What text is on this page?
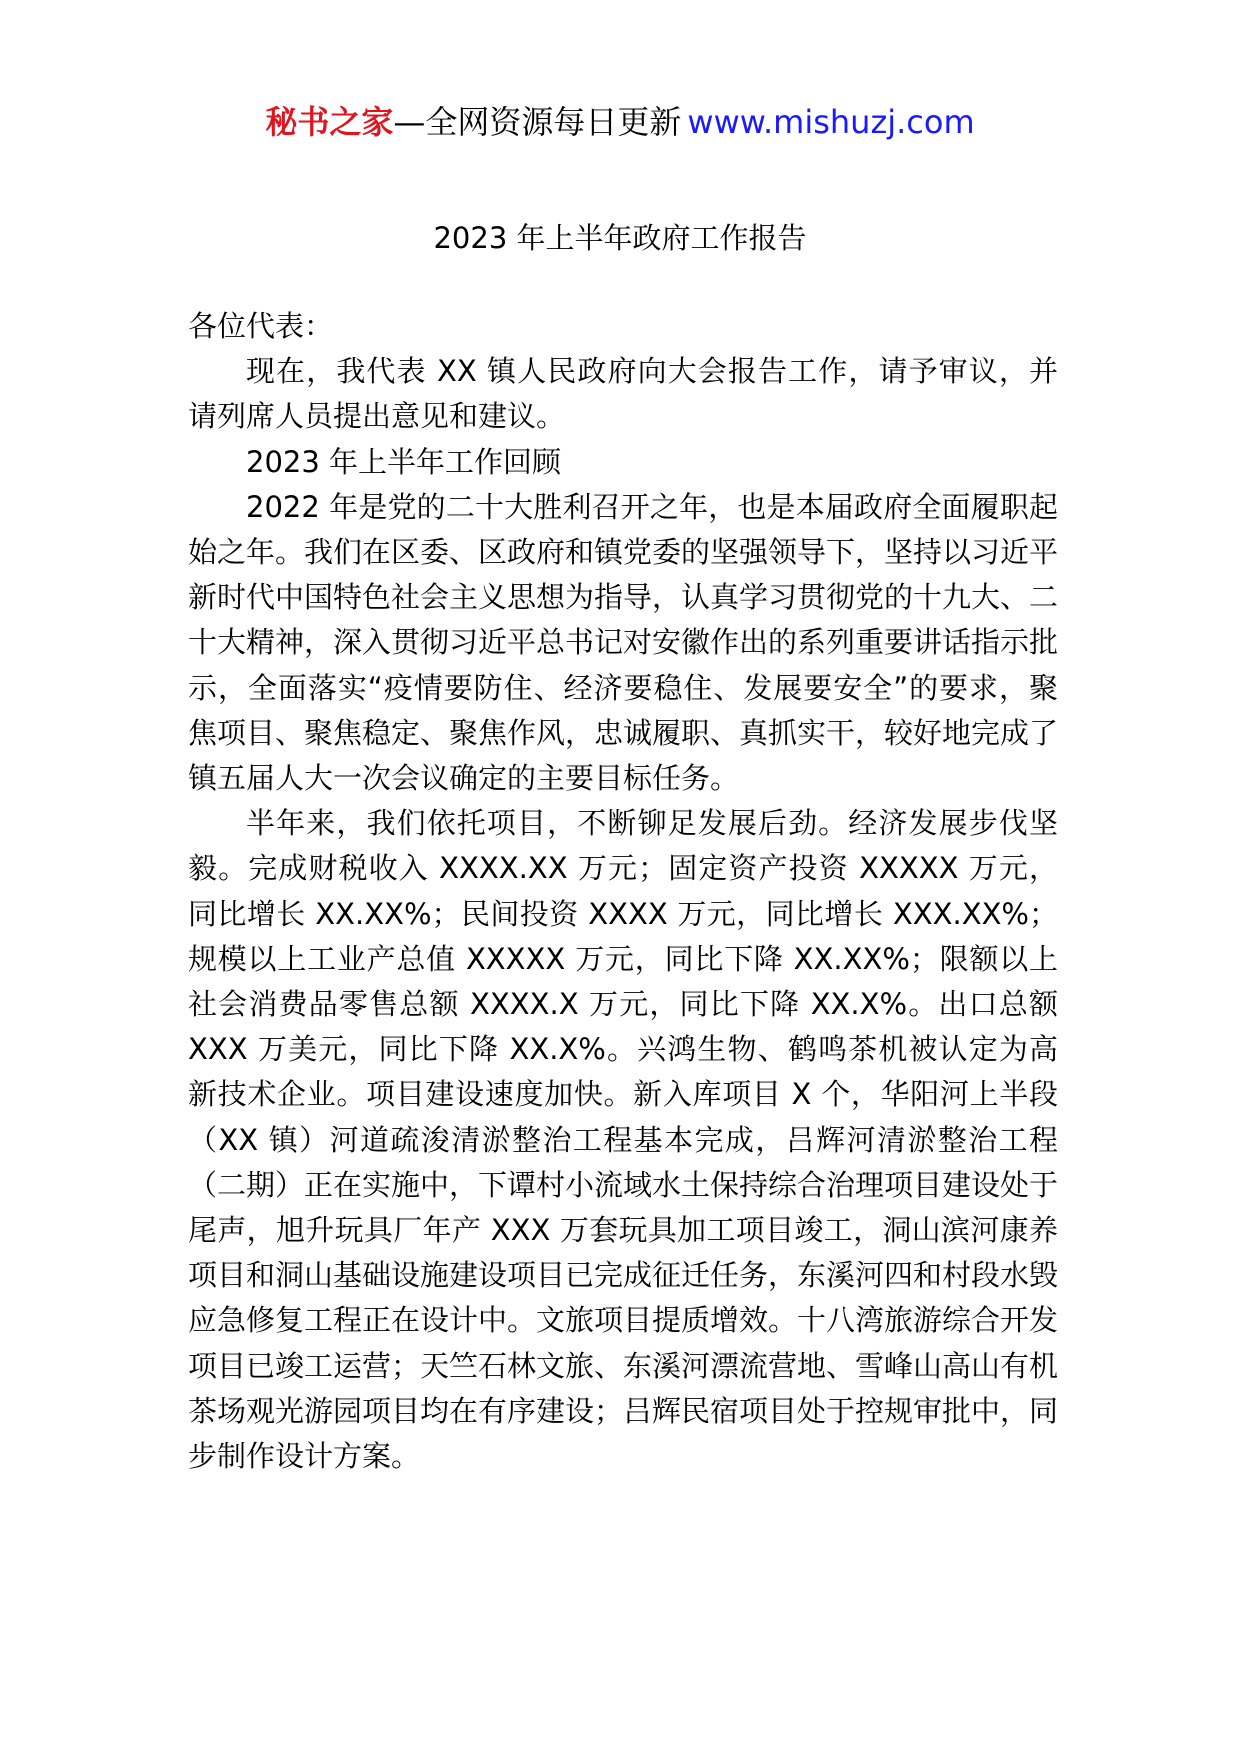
秘书之家—全网资源每日更新 www.mishuzj.com
2023 年上半年政府工作报告

各位代表：

现在，我代表 XX 镇人民政府向大会报告工作，请予审议，并请列席人员提出意见和建议。

2023 年上半年工作回顾

2022 年是党的二十大胜利召开之年，也是本届政府全面履职起始之年。我们在区委、区政府和镇党委的坚强领导下，坚持以习近平新时代中国特色社会主义思想为指导，认真学习贯彻党的十九大、二十大精神，深入贯彻习近平总书记对安徽作出的系列重要讲话指示批示，全面落实“疫情要防住、经济要稳住、发展要安全”的要求，聚焦项目、聚焦稳定、聚焦作风，忠诚履职、真抓实干，较好地完成了镇五届人大一次会议确定的主要目标任务。

半年来，我们依托项目，不断铆足发展后劲。经济发展步伐坚毅。完成财税收入 XXXX.XX 万元；固定资产投资 XXXXX 万元，同比增长 XX.XX%；民间投资 XXXX 万元，同比增长 XXX.XX%；规模以上工业产总值 XXXXX 万元，同比下降 XX.XX%；限额以上社会消费品零售总额 XXXX.X 万元，同比下降 XX.X%。出口总额 XXX 万美元，同比下降 XX.X%。兴鸿生物、鹤鸣茶机被认定为高新技术企业。项目建设速度加快。新入库项目 X 个，华阳河上半段（XX 镇）河道疏浚清淤整治工程基本完成，吕辉河清淤整治工程（二期）正在实施中，下谭村小流域水土保持综合治理项目建设处于尾声，旭升玩具厂年产 XXX 万套玩具加工项目竣工，洞山滨河康养项目和洞山基础设施建设项目已完成征迁任务，东溪河四和村段水毁应急修复工程正在设计中。文旅项目提质增效。十八湾旅游综合开发项目已竣工运营；天竺石林文旅、东溪河漂流营地、雪峰山高山有机茶场观光游园项目均在有序建设；吕辉民宿项目处于控规审批中，同步制作设计方案。
